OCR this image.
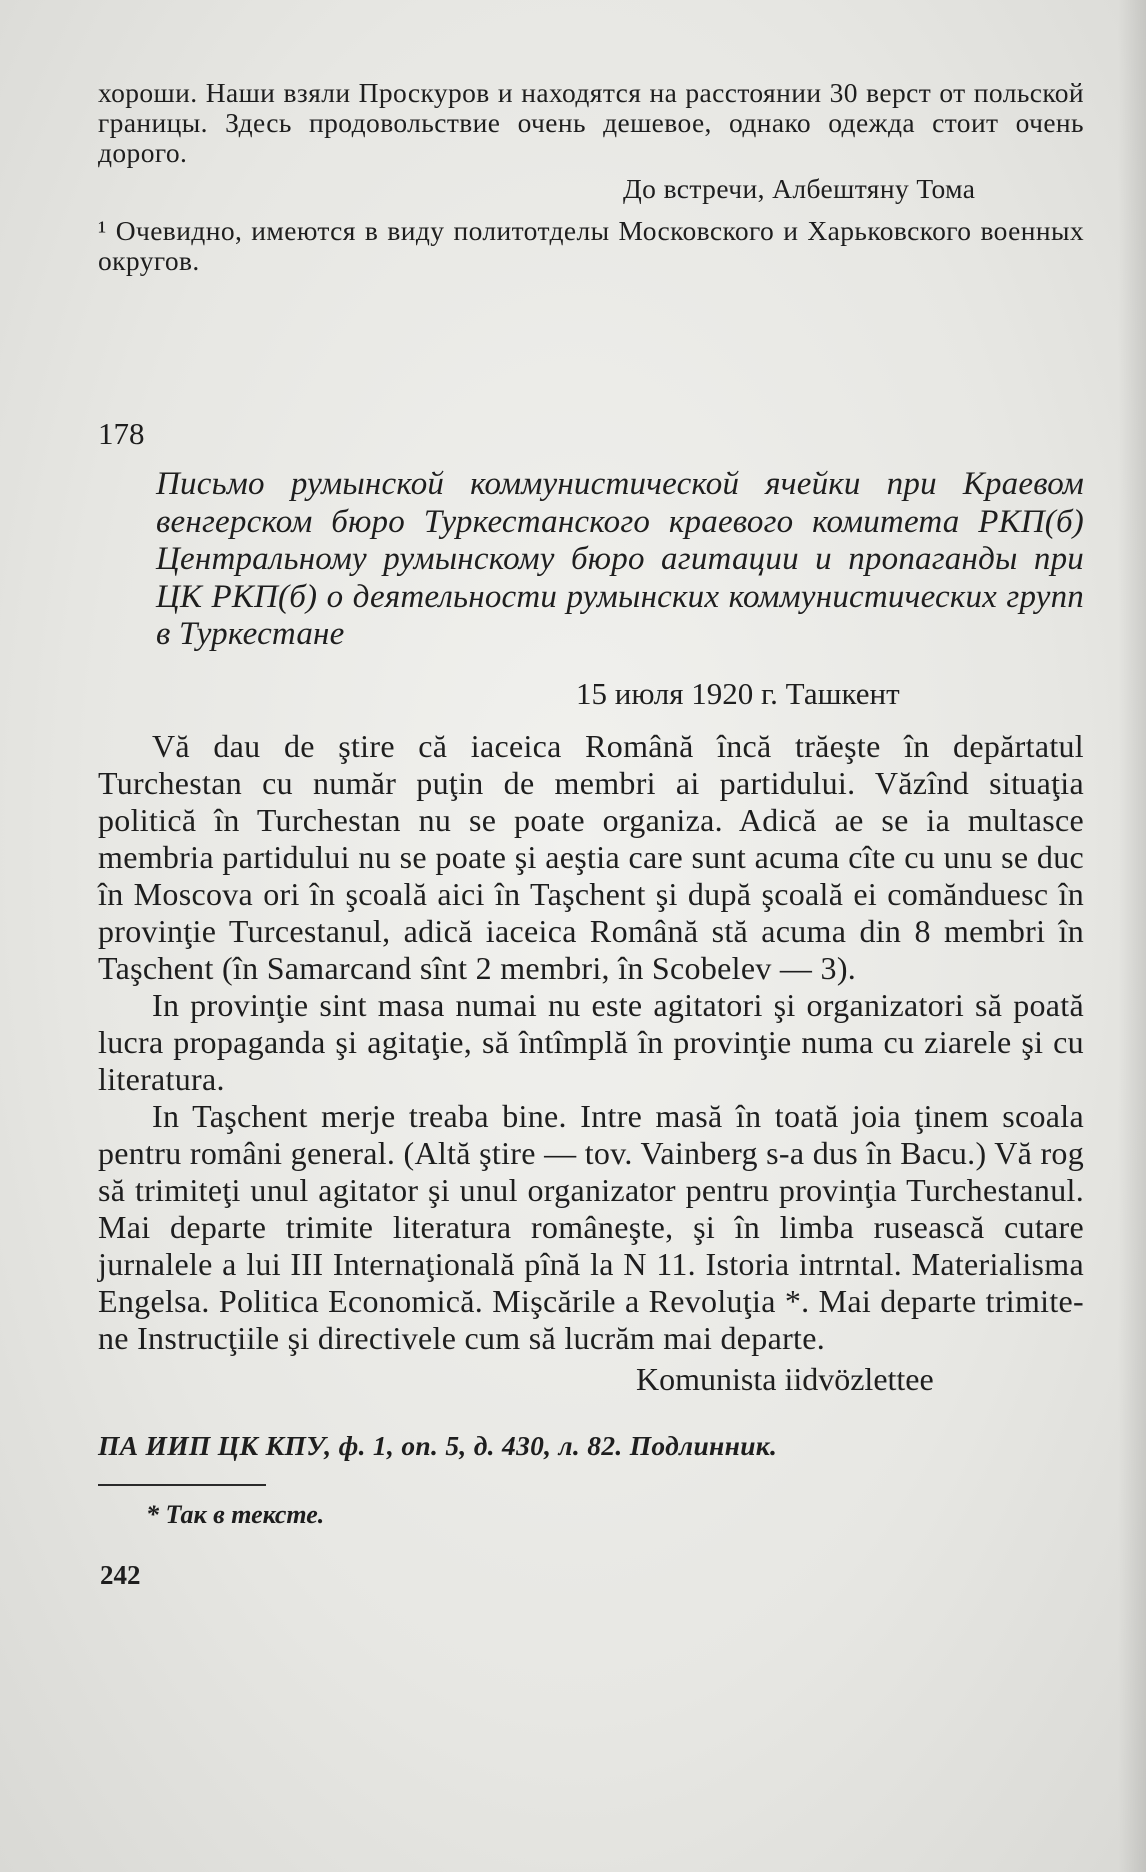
хороши. Наши взяли Проскуров и находятся на расстоянии 30 верст от польской границы. Здесь продовольствие очень дешевое, однако одежда стоит очень дорого.

До встречи, Албештяну Тома

¹ Очевидно, имеются в виду политотделы Московского и Харьковского военных округов.

178
Письмо румынской коммунистической ячейки при Краевом венгерском бюро Туркестанского краевого комитета РКП(б) Центральному румынскому бюро агитации и пропаганды при ЦК РКП(б) о деятельности румынских коммунистических групп в Туркестане
15 июля 1920 г. Ташкент

Vă dau de ştire că iaceica Română încă trăeşte în depărtatul Turchestan cu număr puţin de membri ai partidului. Văzînd situaţia politică în Turchestan nu se poate organiza. Adică ae se ia multasce membria partidului nu se poate şi aeştia care sunt acuma cîte cu unu se duc în Moscova ori în şcoală aici în Taşchent şi după şcoală ei comănduesc în provinţie Turcestanul, adică iaceica Română stă acuma din 8 membri în Taşchent (în Samarcand sînt 2 membri, în Scobelev — 3).

In provinţie sint masa numai nu este agitatori şi organizatori să poată lucra propaganda şi agitaţie, să întîmplă în provinţie numa cu ziarele şi cu literatura.

In Taşchent merje treaba bine. Intre masă în toată joia ţinem scoala pentru români general. (Altă ştire — tov. Vainberg s-a dus în Bacu.) Vă rog să trimiteţi unul agitator şi unul organizator pentru provinţia Turchestanul. Mai departe trimite literatura româneşte, şi în limba rusească cutare jurnalele a lui III Internaţională pînă la N 11. Istoria intrntal. Materialisma Engelsa. Politica Economică. Mişcările a Revoluţia *. Mai departe trimite-ne Instrucţiile şi directivele cum să lucrăm mai departe.

Komunista iidvözlettee
ПА ИИП ЦК КПУ, ф. 1, оп. 5, д. 430, л. 82. Подлинник.
* Так в тексте.
242
